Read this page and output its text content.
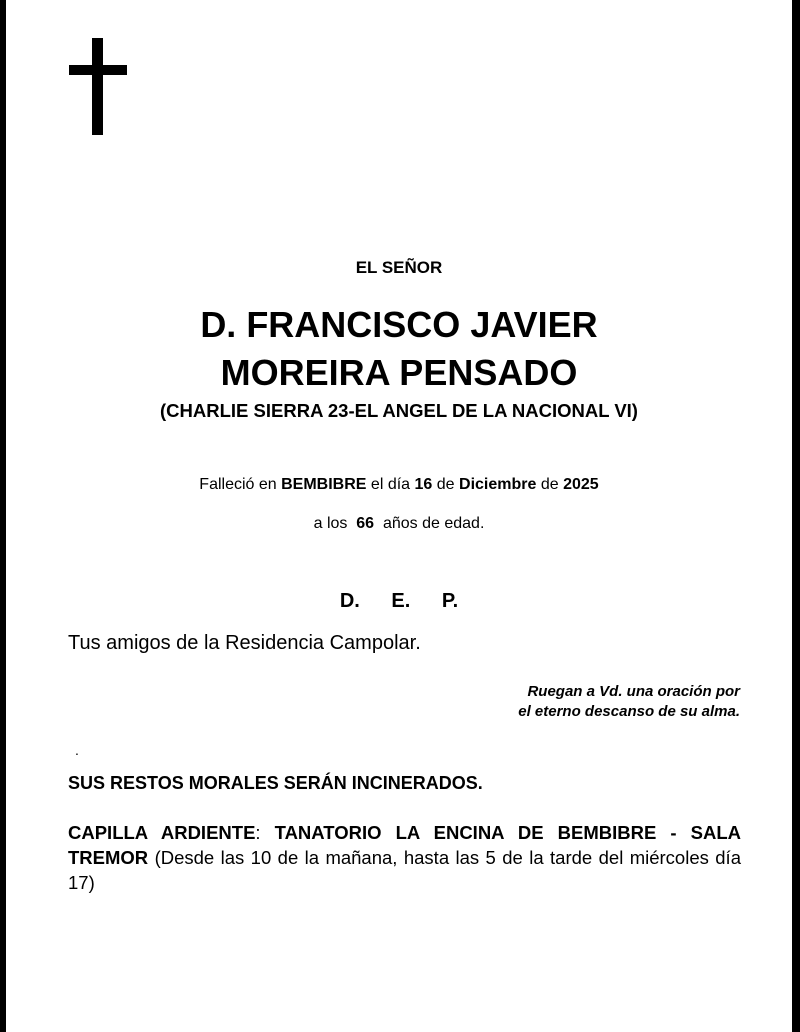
EL SEÑOR
D. FRANCISCO JAVIER
MOREIRA PENSADO
(CHARLIE SIERRA 23-EL ANGEL DE LA NACIONAL VI)
Falleció en BEMBIBRE el día 16 de Diciembre de 2025
a los 66 años de edad.
D. E. P.
Tus amigos de la Residencia Campolar.
Ruegan a Vd. una oración por
el eterno descanso de su alma.
.
SUS RESTOS MORALES SERÁN INCINERADOS.
CAPILLA ARDIENTE: TANATORIO LA ENCINA DE BEMBIBRE - SALA TREMOR (Desde las 10 de la mañana, hasta las 5 de la tarde del miércoles día 17)
